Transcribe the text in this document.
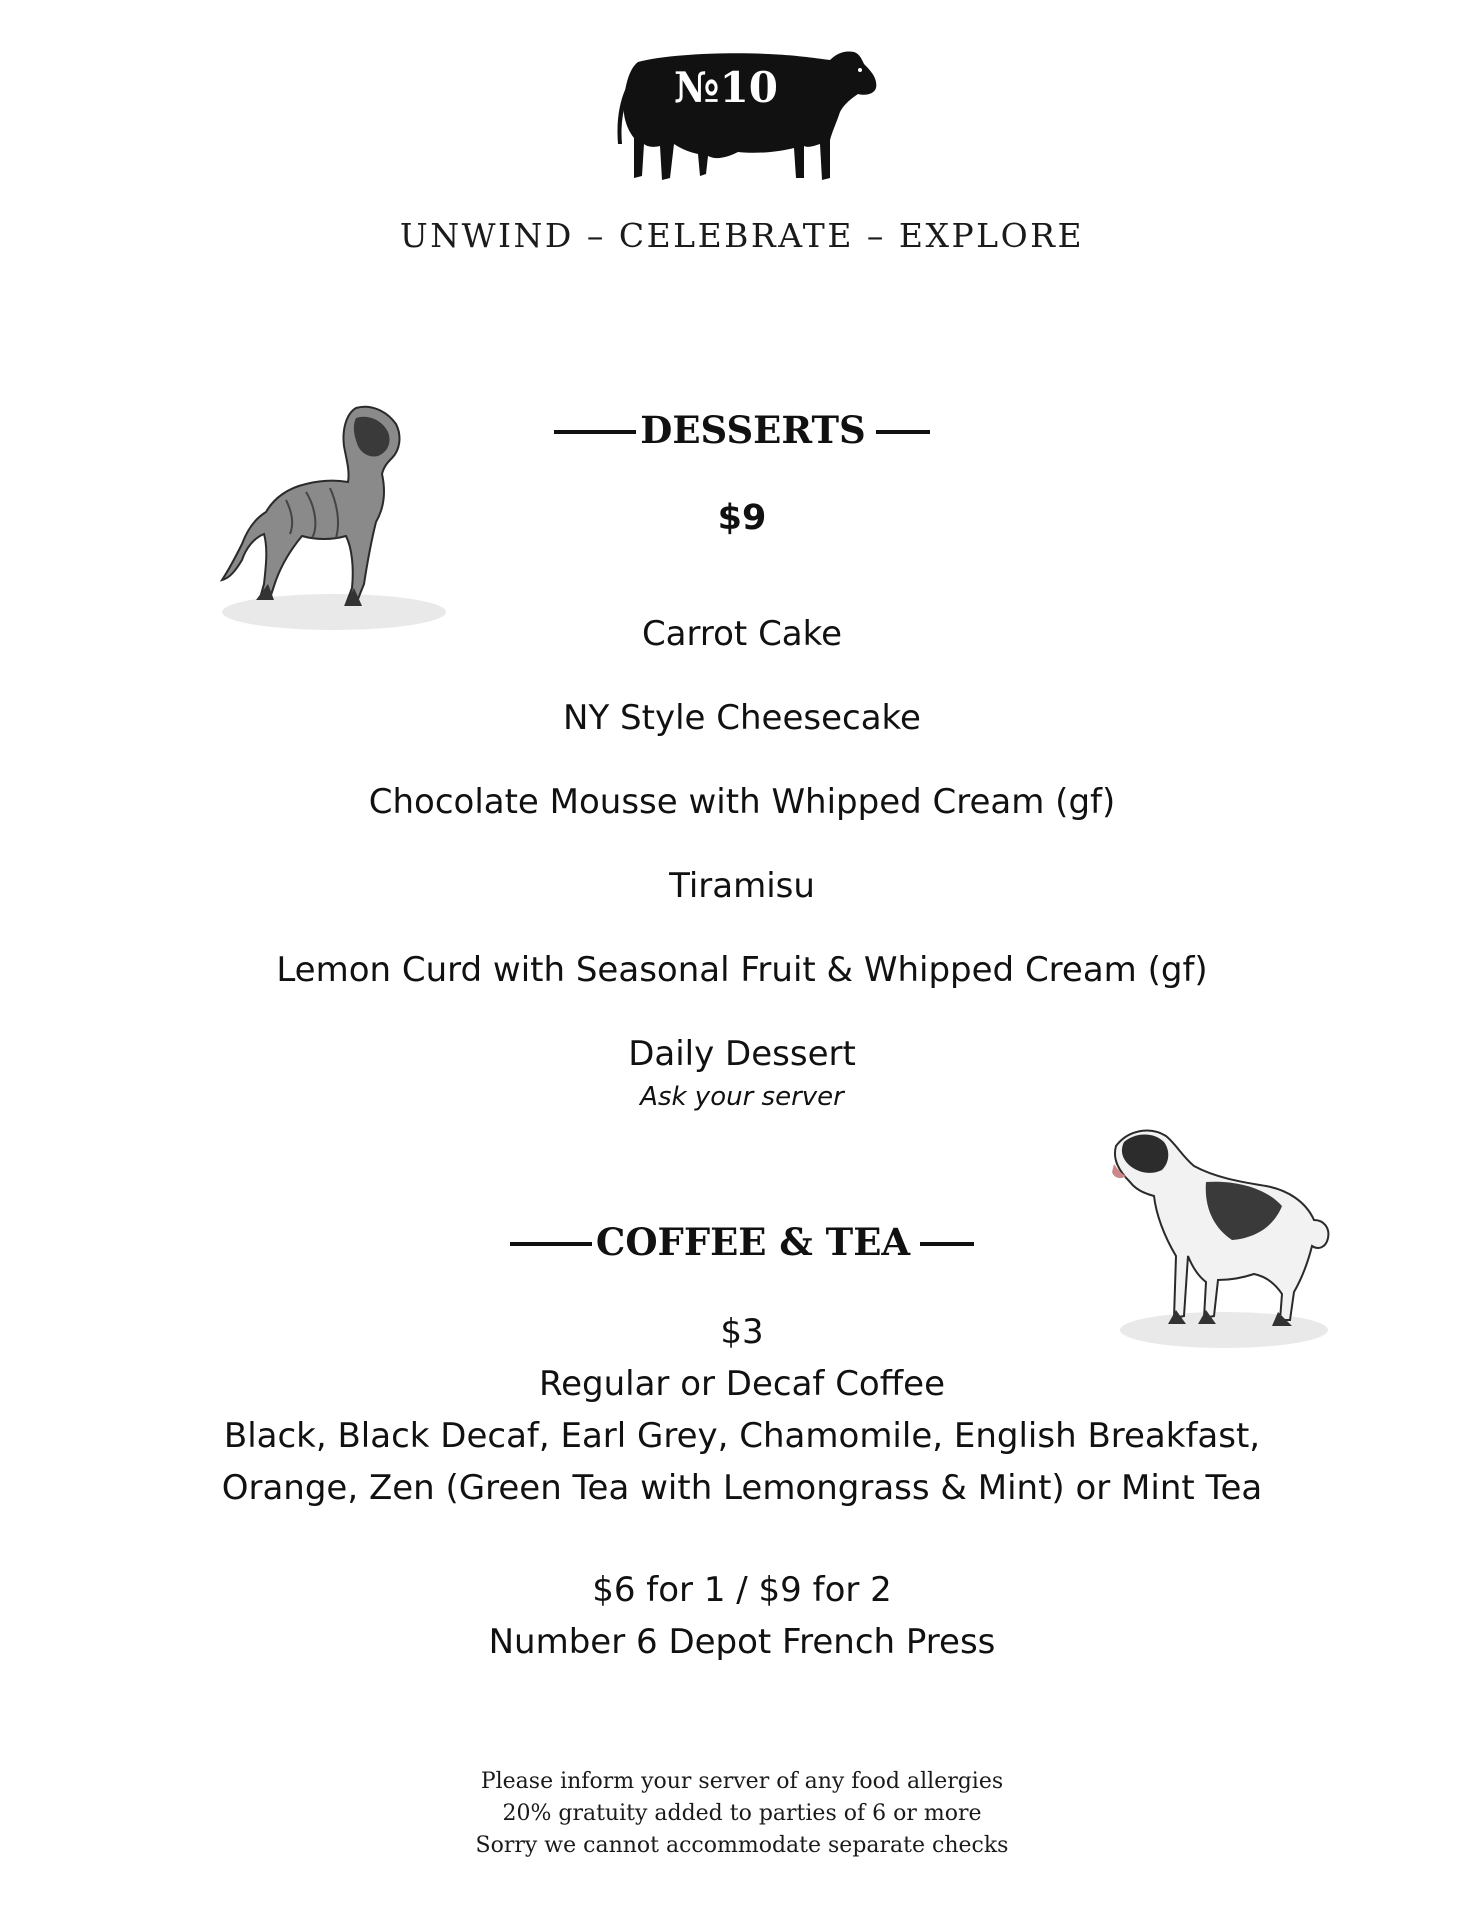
№10
UNWIND – CELEBRATE – EXPLORE
DESSERTS
$9
Carrot Cake
NY Style Cheesecake
Chocolate Mousse with Whipped Cream (gf)
Tiramisu
Lemon Curd with Seasonal Fruit & Whipped Cream (gf)
Daily Dessert
Ask your server
COFFEE & TEA
$3
Regular or Decaf Coffee
Black, Black Decaf, Earl Grey, Chamomile, English Breakfast,
Orange, Zen (Green Tea with Lemongrass & Mint) or Mint Tea
$6 for 1 / $9 for 2
Number 6 Depot French Press
Please inform your server of any food allergies
20% gratuity added to parties of 6 or more
Sorry we cannot accommodate separate checks
